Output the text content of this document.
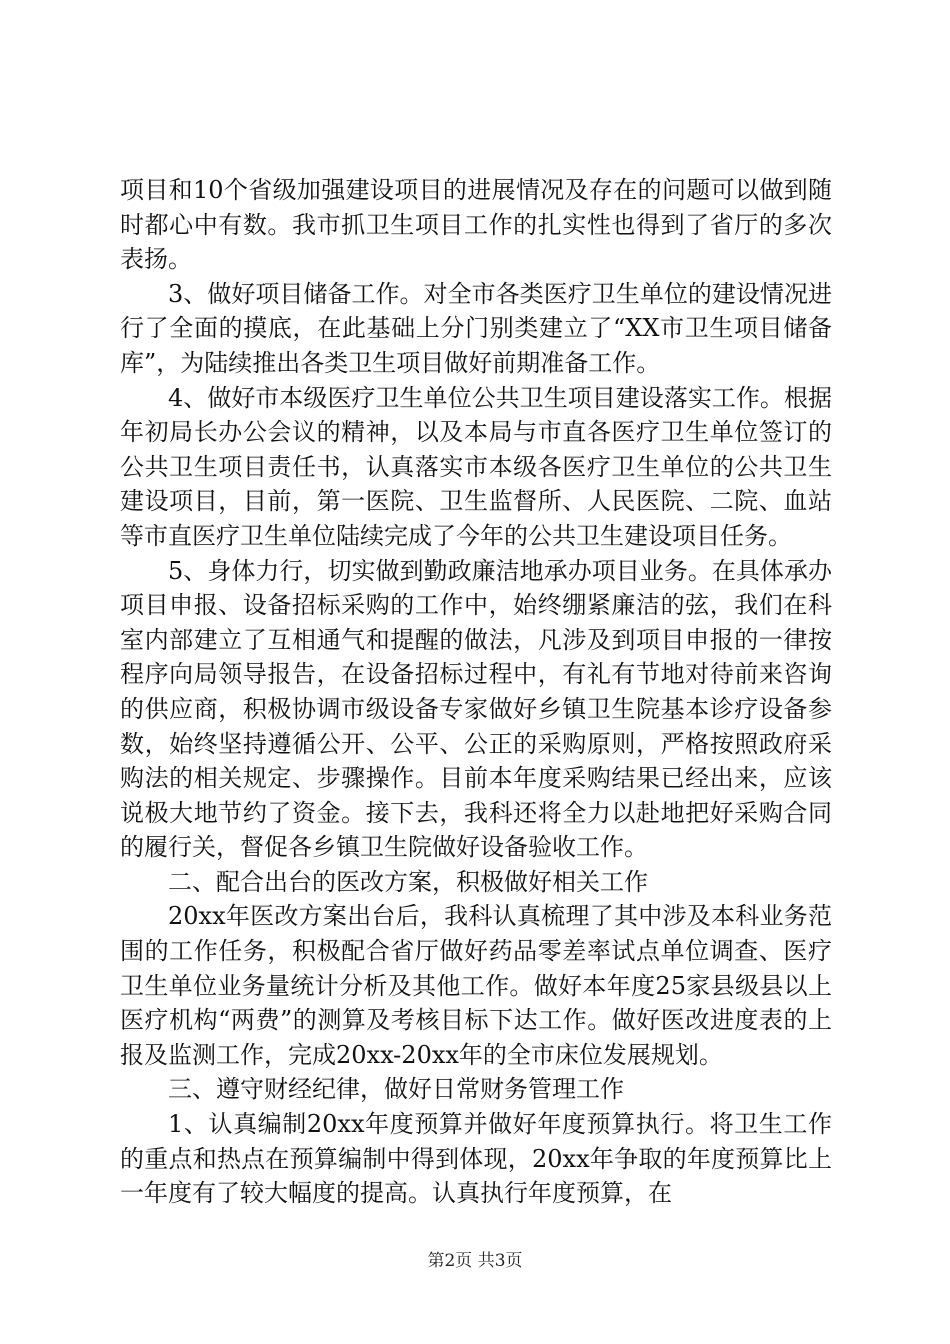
项目和10个省级加强建设项目的进展情况及存在的问题可以做到随时都心中有数。我市抓卫生项目工作的扎实性也得到了省厅的多次表扬。

3、做好项目储备工作。对全市各类医疗卫生单位的建设情况进行了全面的摸底，在此基础上分门别类建立了“XX市卫生项目储备库”，为陆续推出各类卫生项目做好前期准备工作。

4、做好市本级医疗卫生单位公共卫生项目建设落实工作。根据年初局长办公会议的精神，以及本局与市直各医疗卫生单位签订的公共卫生项目责任书，认真落实市本级各医疗卫生单位的公共卫生建设项目，目前，第一医院、卫生监督所、人民医院、二院、血站等市直医疗卫生单位陆续完成了今年的公共卫生建设项目任务。

5、身体力行，切实做到勤政廉洁地承办项目业务。在具体承办项目申报、设备招标采购的工作中，始终绷紧廉洁的弦，我们在科室内部建立了互相通气和提醒的做法，凡涉及到项目申报的一律按程序向局领导报告，在设备招标过程中，有礼有节地对待前来咨询的供应商，积极协调市级设备专家做好乡镇卫生院基本诊疗设备参数，始终坚持遵循公开、公平、公正的采购原则，严格按照政府采购法的相关规定、步骤操作。目前本年度采购结果已经出来，应该说极大地节约了资金。接下去，我科还将全力以赴地把好采购合同的履行关，督促各乡镇卫生院做好设备验收工作。

二、配合出台的医改方案，积极做好相关工作

20xx年医改方案出台后，我科认真梳理了其中涉及本科业务范围的工作任务，积极配合省厅做好药品零差率试点单位调查、医疗卫生单位业务量统计分析及其他工作。做好本年度25家县级县以上医疗机构“两费”的测算及考核目标下达工作。做好医改进度表的上报及监测工作，完成20xx-20xx年的全市床位发展规划。

三、遵守财经纪律，做好日常财务管理工作

1、认真编制20xx年度预算并做好年度预算执行。将卫生工作的重点和热点在预算编制中得到体现，20xx年争取的年度预算比上一年度有了较大幅度的提高。认真执行年度预算，在

第2页 共3页
